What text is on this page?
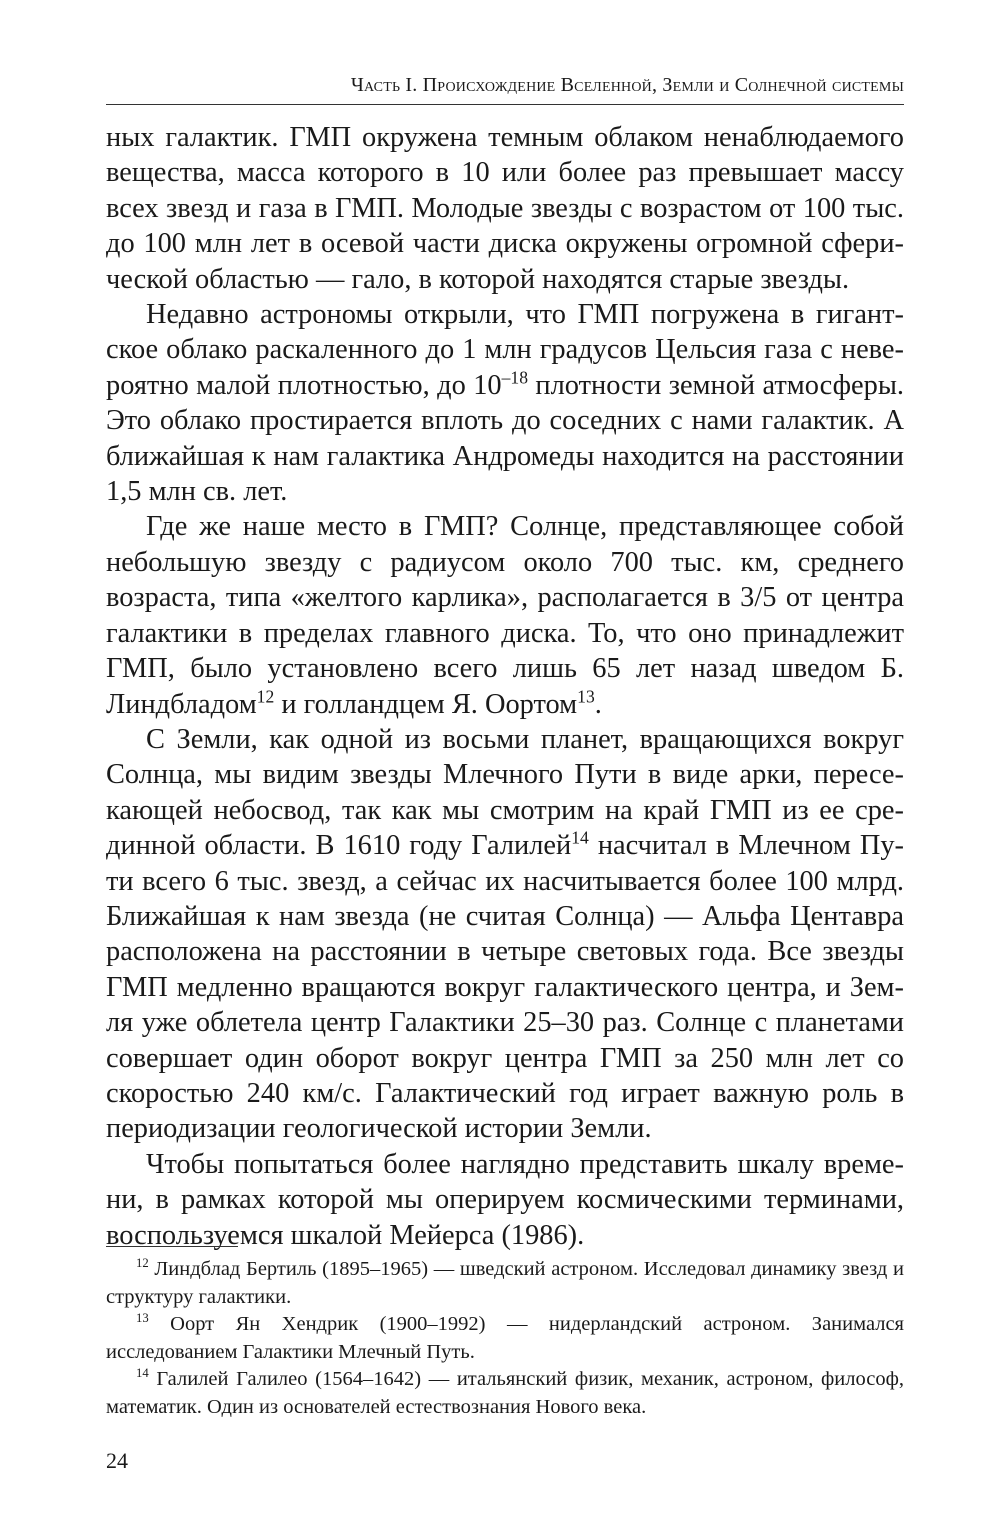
Часть I. Происхождение Вселенной, Земли и Солнечной системы

ных галактик. ГМП окружена темным облаком ненаблюдаемого вещества, масса которого в 10 или более раз превышает массу всех звезд и газа в ГМП. Молодые звезды с возрастом от 100 тыс. до 100 млн лет в осевой части диска окружены огромной сферической областью — гало, в которой находятся старые звезды.

Недавно астрономы открыли, что ГМП погружена в гигантское облако раскаленного до 1 млн градусов Цельсия газа с невероятно малой плотностью, до $10^{-18}$ плотности земной атмосферы. Это облако простирается вплоть до соседних с нами галактик. А ближайшая к нам галактика Андромеды находится на расстоянии 1,5 млн св. лет.

Где же наше место в ГМП? Солнце, представляющее собой небольшую звезду с радиусом около 700 тыс. км, среднего возраста, типа «желтого карлика», располагается в 3/5 от центра галактики в пределах главного диска. То, что оно принадлежит ГМП, было установлено всего лишь 65 лет назад шведом Б. Линдбладом$^{12}$ и голландцем Я. Оортом$^{13}$.

С Земли, как одной из восьми планет, вращающихся вокруг Солнца, мы видим звезды Млечного Пути в виде арки, пересекающей небосвод, так как мы смотрим на край ГМП из ее срединной области. В 1610 году Галилей$^{14}$ насчитал в Млечном Пути всего 6 тыс. звезд, а сейчас их насчитывается более 100 млрд. Ближайшая к нам звезда (не считая Солнца) — Альфа Центавра расположена на расстоянии в четыре световых года. Все звезды ГМП медленно вращаются вокруг галактического центра, и Земля уже облетела центр Галактики 25–30 раз. Солнце с планетами совершает один оборот вокруг центра ГМП за 250 млн лет со скоростью 240 км/с. Галактический год играет важную роль в периодизации геологической истории Земли.

Чтобы попытаться более наглядно представить шкалу времени, в рамках которой мы оперируем космическими терминами, воспользуемся шкалой Мейерса (1986).

$^{12}$ Линдблад Бертиль (1895–1965) — шведский астроном. Исследовал динамику звезд и структуру галактики.

$^{13}$ Оорт Ян Хендрик (1900–1992) — нидерландский астроном. Занимался исследованием Галактики Млечный Путь.

$^{14}$ Галилей Галилео (1564–1642) — итальянский физик, механик, астроном, философ, математик. Один из основателей естествознания Нового века.

24
